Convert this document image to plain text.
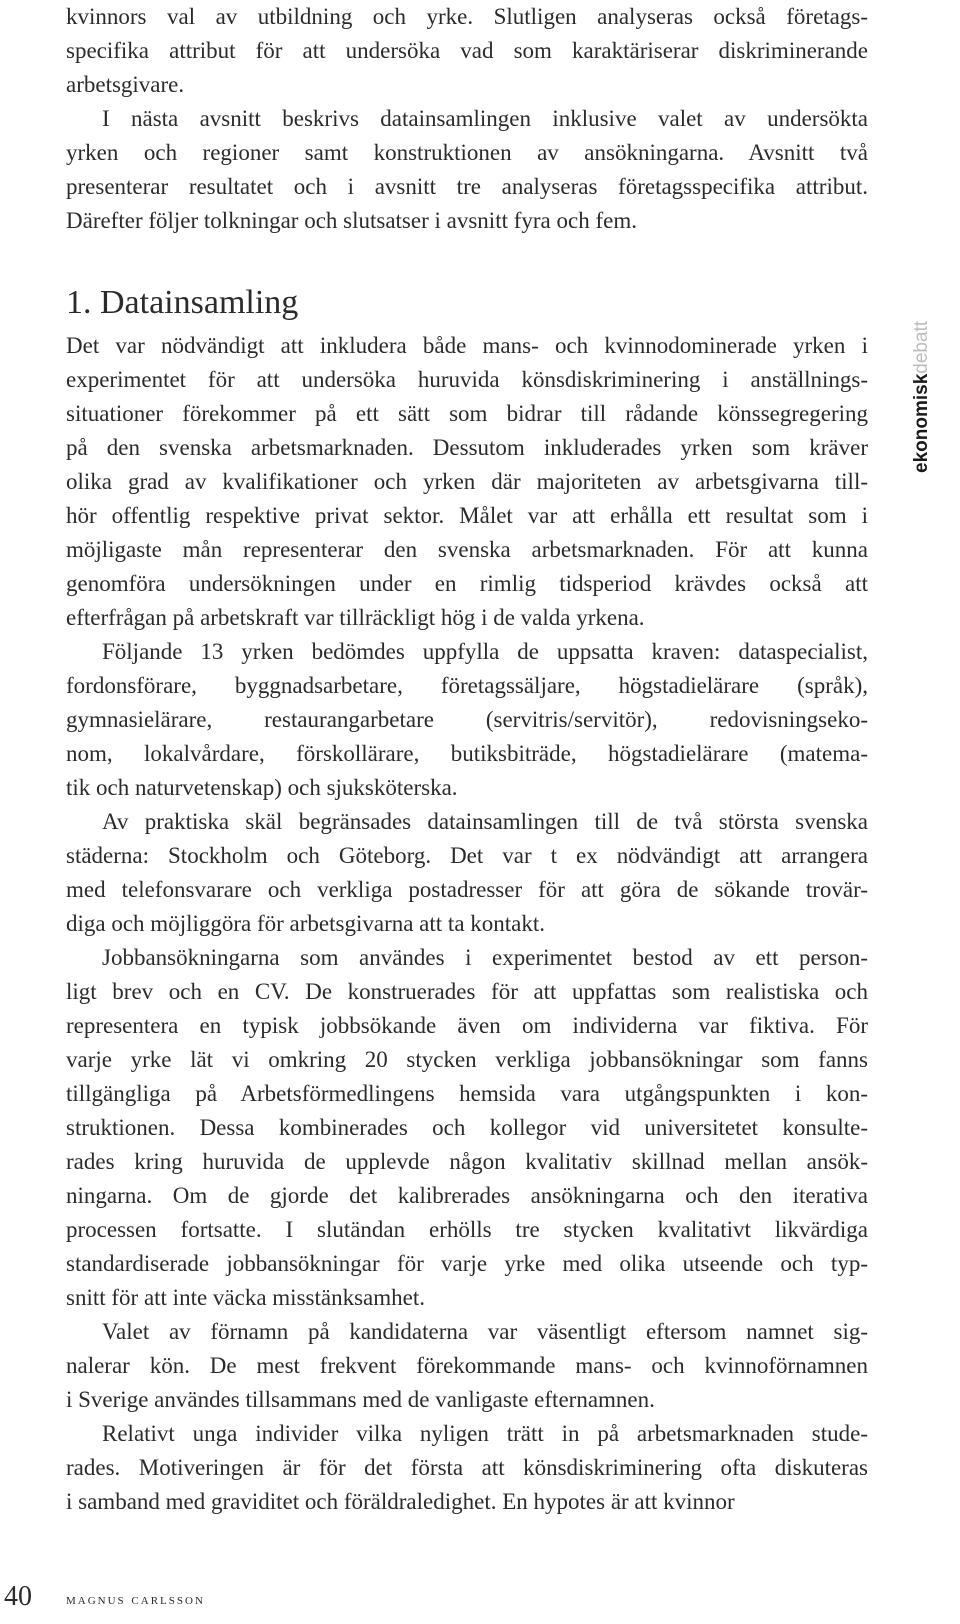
kvinnors val av utbildning och yrke. Slutligen analyseras också företags-
specifika attribut för att undersöka vad som karaktäriserar diskriminerande
arbetsgivare.
I nästa avsnitt beskrivs datainsamlingen inklusive valet av undersökta
yrken och regioner samt konstruktionen av ansökningarna. Avsnitt två
presenterar resultatet och i avsnitt tre analyseras företagsspecifika attribut.
Därefter följer tolkningar och slutsatser i avsnitt fyra och fem.
1. Datainsamling
Det var nödvändigt att inkludera både mans- och kvinnodominerade yrken i
experimentet för att undersöka huruvida könsdiskriminering i anställnings-
situationer förekommer på ett sätt som bidrar till rådande könssegregering
på den svenska arbetsmarknaden. Dessutom inkluderades yrken som kräver
olika grad av kvalifikationer och yrken där majoriteten av arbetsgivarna till-
hör offentlig respektive privat sektor. Målet var att erhålla ett resultat som i
möjligaste mån representerar den svenska arbetsmarknaden. För att kunna
genomföra undersökningen under en rimlig tidsperiod krävdes också att
efterfrågan på arbetskraft var tillräckligt hög i de valda yrkena.
Följande 13 yrken bedömdes uppfylla de uppsatta kraven: dataspecialist,
fordonsförare, byggnadsarbetare, företagssäljare, högstadielärare (språk),
gymnasielärare, restaurangarbetare (servitris/servitör), redovisningseko-
nom, lokalvårdare, förskollärare, butiksbiträde, högstadielärare (matema-
tik och naturvetenskap) och sjuksköterska.
Av praktiska skäl begränsades datainsamlingen till de två största svenska
städerna: Stockholm och Göteborg. Det var t ex nödvändigt att arrangera
med telefonsvarare och verkliga postadresser för att göra de sökande trovär-
diga och möjliggöra för arbetsgivarna att ta kontakt.
Jobbansökningarna som användes i experimentet bestod av ett person-
ligt brev och en CV. De konstruerades för att uppfattas som realistiska och
representera en typisk jobbsökande även om individerna var fiktiva. För
varje yrke lät vi omkring 20 stycken verkliga jobbansökningar som fanns
tillgängliga på Arbetsförmedlingens hemsida vara utgångspunkten i kon-
struktionen. Dessa kombinerades och kollegor vid universitetet konsulte-
rades kring huruvida de upplevde någon kvalitativ skillnad mellan ansök-
ningarna. Om de gjorde det kalibrerades ansökningarna och den iterativa
processen fortsatte. I slutändan erhölls tre stycken kvalitativt likvärdiga
standardiserade jobbansökningar för varje yrke med olika utseende och typ-
snitt för att inte väcka misstänksamhet.
Valet av förnamn på kandidaterna var väsentligt eftersom namnet sig-
nalerar kön. De mest frekvent förekommande mans- och kvinnoförnamnen
i Sverige användes tillsammans med de vanligaste efternamnen.
Relativt unga individer vilka nyligen trätt in på arbetsmarknaden stude-
rades. Motiveringen är för det första att könsdiskriminering ofta diskuteras
i samband med graviditet och föräldraledighet. En hypotes är att kvinnor
ekonomiskdebatt
40 magnus carlsson
